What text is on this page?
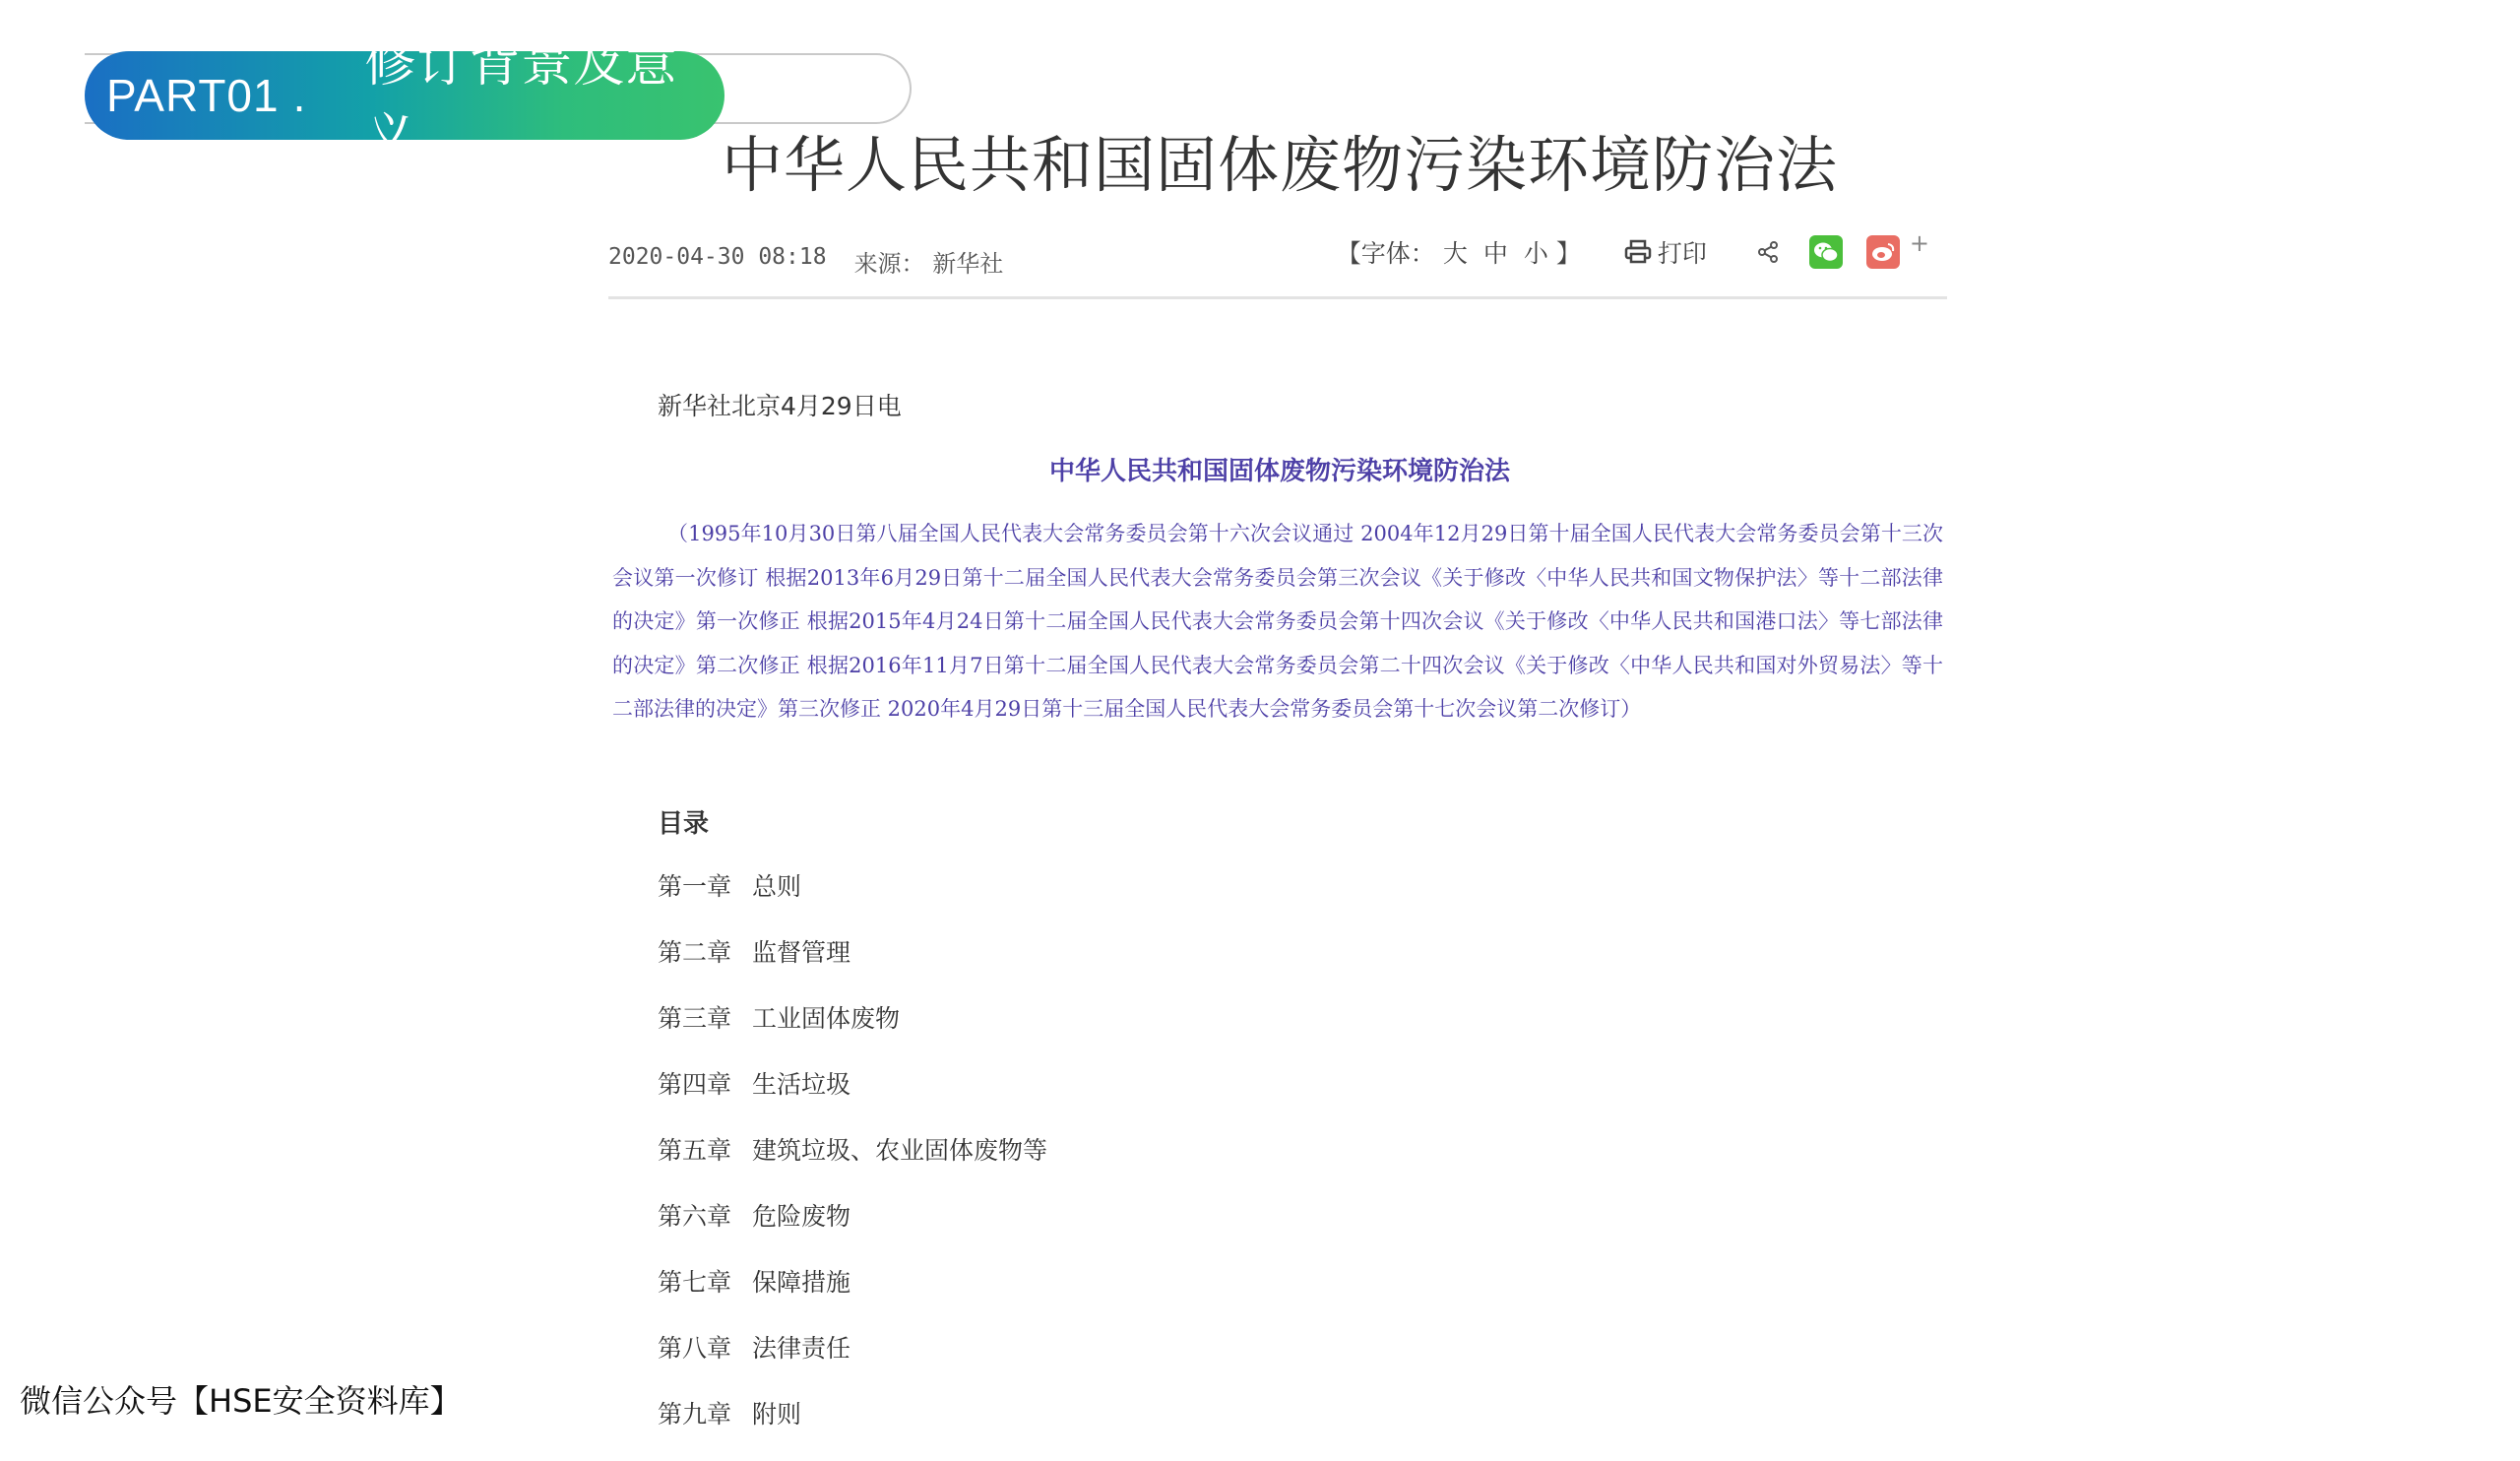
PART01 .
修订背景及意义	中华人民共和国固体废物污染环境防治法
2020-04-30 08:18 来源： 新华社	【字体： 大 中 小 】	打印	+
新华社北京4月29日电
中华人民共和国固体废物污染环境防治法
（1995年10月30日第八届全国人民代表大会常务委员会第十六次会议通过 2004年12月29日第十届全国人民代表大会常务委员会第十三次会议第一次修订 根据2013年6月29日第十二届全国人民代表大会常务委员会第三次会议《关于修改〈中华人民共和国文物保护法〉等十二部法律的决定》第一次修正 根据2015年4月24日第十二届全国人民代表大会常务委员会第十四次会议《关于修改〈中华人民共和国港口法〉等七部法律的决定》第二次修正 根据2016年11月7日第十二届全国人民代表大会常务委员会第二十四次会议《关于修改〈中华人民共和国对外贸易法〉等十二部法律的决定》第三次修正 2020年4月29日第十三届全国人民代表大会常务委员会第十七次会议第二次修订）
目录
第一章 总则
第二章 监督管理
第三章 工业固体废物
第四章 生活垃圾
第五章 建筑垃圾、农业固体废物等
第六章 危险废物
第七章 保障措施
第八章 法律责任
第九章 附则
微信公众号【HSE安全资料库】
